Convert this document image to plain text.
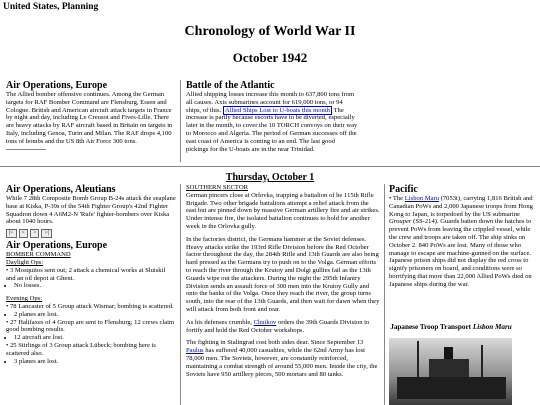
United States, Planning
Chronology of World War II
October 1942
Air Operations, Europe

The Allied bomber offensive continues. Among the German targets for RAF Bomber Command are Flensburg, Essen and Cologne. British and American aircraft attack targets in France by night and day, including Le Creusot and Fives-Lille. There are heavy attacks by RAF aircraft based in Britain on targets in Italy, including Genoa, Turin and Milan. The RAF drops 4,100 tons of bombs and the US 8th Air Force 300 tons.

Battle of the Atlantic

Allied shipping losses increase this month to 637,800 tons from all causes. Axis submarines account for 619,000 tons, or 94 ships, of this. Allied Ships Lost to U-boats this month The increase is partly because escorts have to be diverted, especially later in the month, to cover the 10 TORCH convoys on their way to Morocco and Algeria. The period of German successes off the east coast of America is coming to an end. The last good pickings for the U-boats are in the near Trinidad.

Thursday, October 1
Air Operations, Aleutians

While 7 28th Composite Bomb Group B-24s attack the seaplane base at Kiska, P-39s of the 54th Fighter Group's 42nd Fighter Squadron down 4 A6M2-N 'Rufe' fighter-bombers over Kiska about 1040 hours.

|<	<	>	>|
Air Operations, Europe

BOMBER COMMAND

Daylight Ops:

• 3 Mosquitos sent out; 2 attack a chemical works at Sluiskil and an oil depot at Ghent.

• No losses.

Evening Ops:

• 78 Lancaster of 5 Group attack Wismar; bombing is scattered.

• 2 planes are lost.

• 27 Halifaxes of 4 Group are sent to Flensburg; 12 crews claim good bombing results.

• 12 aircraft are lost.

• 25 Stirlings of 3 Group attack Lübeck; bombing here is scattered also.

• 3 planes are lost.

SOUTHERN SECTOR

German pincers close at Orlovka, trapping a battalion of he 115th Rifle Brigade. Two other brigade battalions attempt a relief attack from the east but are pinned down by massive German artillery fire and air strikes. Under intense fire, the isolated battalion continues to hold for another week in the Orlovka gully.

In the factories district, the Germans hammer at the Soviet defenses. Heavy attacks strike the 193rd Rifle Division before the Red October factor throughout the day, the 284th Rifle and 13th Guards are also being hard pressed as the Germans try to push on to the Volga. German efforts to reach the river through the Krutoy and Dolgi gullies fail as the 13th Guards wipe out the attackers. During the night the 295th Infantry Division sends an assault force of 300 men into the Krutoy Gully and onto the banks of the Volga. Once they reach the river, the group turns south, into the rear of the 13th Guards, and then wait for dawn when they will attack from both front and rear.

As his defenses crumble, Chuikov orders the 39th Guards Division to fortify and hold the Red October workshops.

The fighting in Stalingrad cost both sides dear. Since September 13 Paulus has suffered 40,000 casualties, while the 62nd Army has lost 78,000 men. The Soviets, however, are constantly reinforced, maintaining a combat strength of around 55,000 men. Inside the city, the Soviets have 950 artillery pieces, 500 mortars and 80 tanks.

Pacific

• The Lisbon Maru (7053t), carrying 1,816 British and Canadian PoWs and 2,000 Japanese troops from Hong Kong to Japan, is torpedoed by the US submarine Grouper (SS-214). Guards batten down the hatches to prevent PoWs from leaving the crippled vessel, while the crew and troops are taken off. The ship sinks on October 2. 840 PoWs are lost. Many of those who manage to escape are machine-gunned on the surface. Japanese prison ships did not display the red cross to signify prisoners on board, and conditions were so horrifying that more than 22,000 Allied PoWs died on Japanese ships during the war.

Japanese Troop Transport Lisbon Maru
